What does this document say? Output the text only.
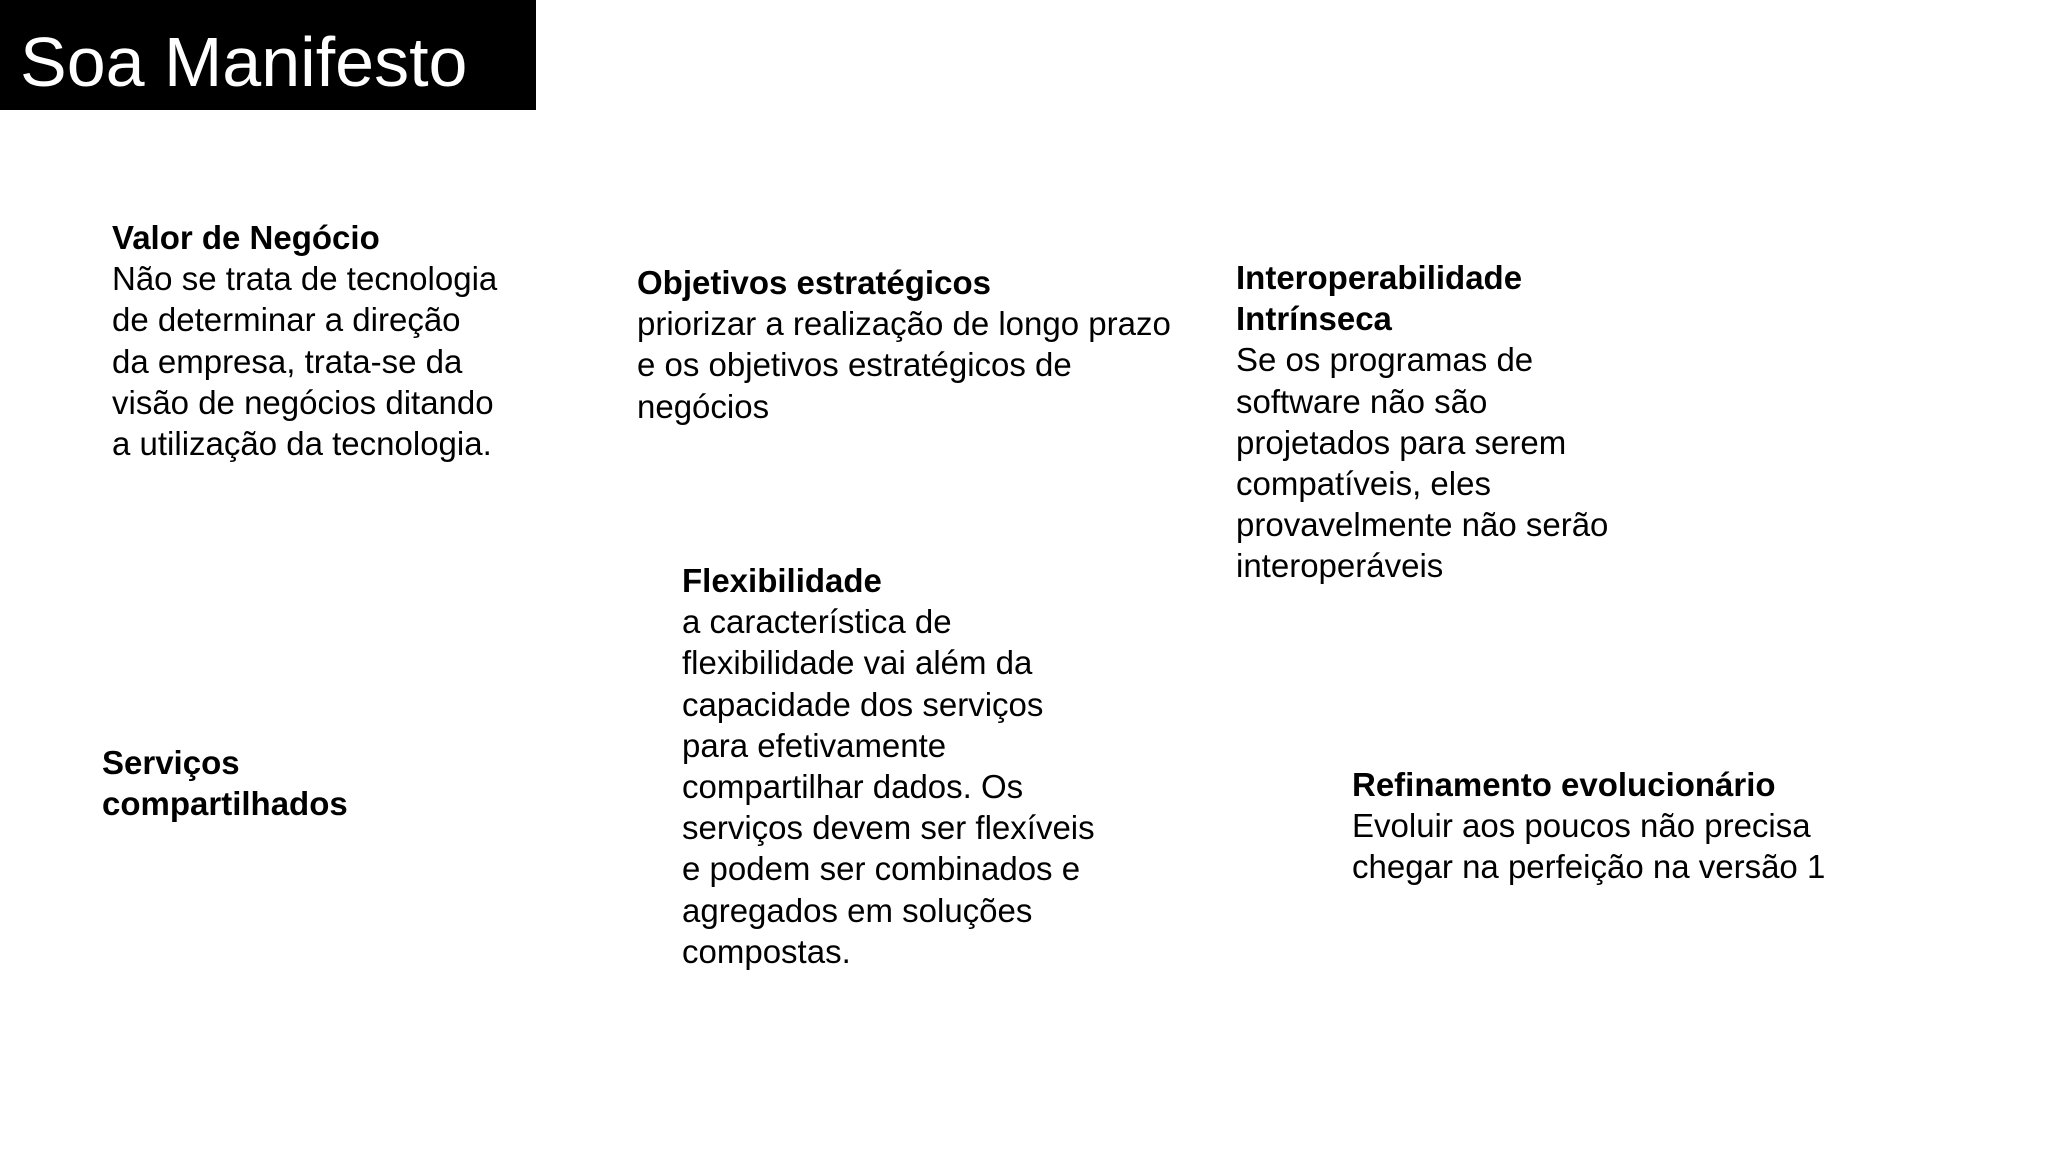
Soa Manifesto
Valor de Negócio
Não se trata de tecnologia de determinar a direção da empresa, trata-se da visão de negócios ditando a utilização da tecnologia.
Objetivos estratégicos
priorizar a realização de longo prazo e os objetivos estratégicos de negócios
Interoperabilidade Intrínseca
Se os programas de software não são projetados para serem compatíveis, eles provavelmente não serão interoperáveis
Flexibilidade
a característica de flexibilidade vai além da capacidade dos serviços para efetivamente compartilhar dados. Os serviços devem ser flexíveis e podem ser combinados e agregados em soluções compostas.
Serviços compartilhados
Refinamento evolucionário
Evoluir aos poucos não precisa chegar na perfeição na versão 1
